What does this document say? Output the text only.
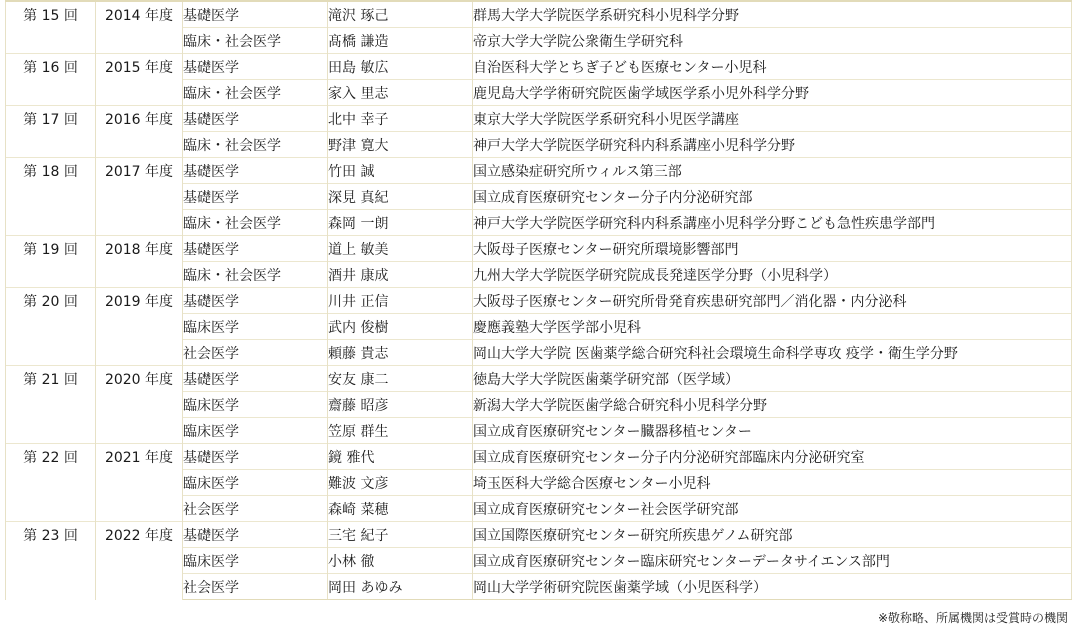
第 15 回	2014 年度	基礎医学	滝沢 琢己	群馬大学大学院医学系研究科小児科学分野
		臨床・社会医学	髙橋 謙造	帝京大学大学院公衆衛生学研究科
第 16 回	2015 年度	基礎医学	田島 敏広	自治医科大学とちぎ子ども医療センター小児科
		臨床・社会医学	家入 里志	鹿児島大学学術研究院医歯学域医学系小児外科学分野
第 17 回	2016 年度	基礎医学	北中 幸子	東京大学大学院医学系研究科小児医学講座
		臨床・社会医学	野津 寛大	神戸大学大学院医学研究科内科系講座小児科学分野
第 18 回	2017 年度	基礎医学	竹田 誠	国立感染症研究所ウィルス第三部
		基礎医学	深見 真紀	国立成育医療研究センター分子内分泌研究部
		臨床・社会医学	森岡 一朗	神戸大学大学院医学研究科内科系講座小児科学分野こども急性疾患学部門
第 19 回	2018 年度	基礎医学	道上 敏美	大阪母子医療センター研究所環境影響部門
		臨床・社会医学	酒井 康成	九州大学大学院医学研究院成長発達医学分野（小児科学）
第 20 回	2019 年度	基礎医学	川井 正信	大阪母子医療センター研究所骨発育疾患研究部門／消化器・内分泌科
		臨床医学	武内 俊樹	慶應義塾大学医学部小児科
		社会医学	頼藤 貴志	岡山大学大学院 医歯薬学総合研究科社会環境生命科学専攻 疫学・衛生学分野
第 21 回	2020 年度	基礎医学	安友 康二	徳島大学大学院医歯薬学研究部（医学域）
		臨床医学	齋藤 昭彦	新潟大学大学院医歯学総合研究科小児科学分野
		臨床医学	笠原 群生	国立成育医療研究センター臓器移植センター
第 22 回	2021 年度	基礎医学	鏡 雅代	国立成育医療研究センター分子内分泌研究部臨床内分泌研究室
		臨床医学	難波 文彦	埼玉医科大学総合医療センター小児科
		社会医学	森崎 菜穂	国立成育医療研究センター社会医学研究部
第 23 回	2022 年度	基礎医学	三宅 紀子	国立国際医療研究センター研究所疾患ゲノム研究部
		臨床医学	小林 徹	国立成育医療研究センター臨床研究センターデータサイエンス部門
		社会医学	岡田 あゆみ	岡山大学学術研究院医歯薬学域（小児医科学）
※敬称略、所属機関は受賞時の機関
